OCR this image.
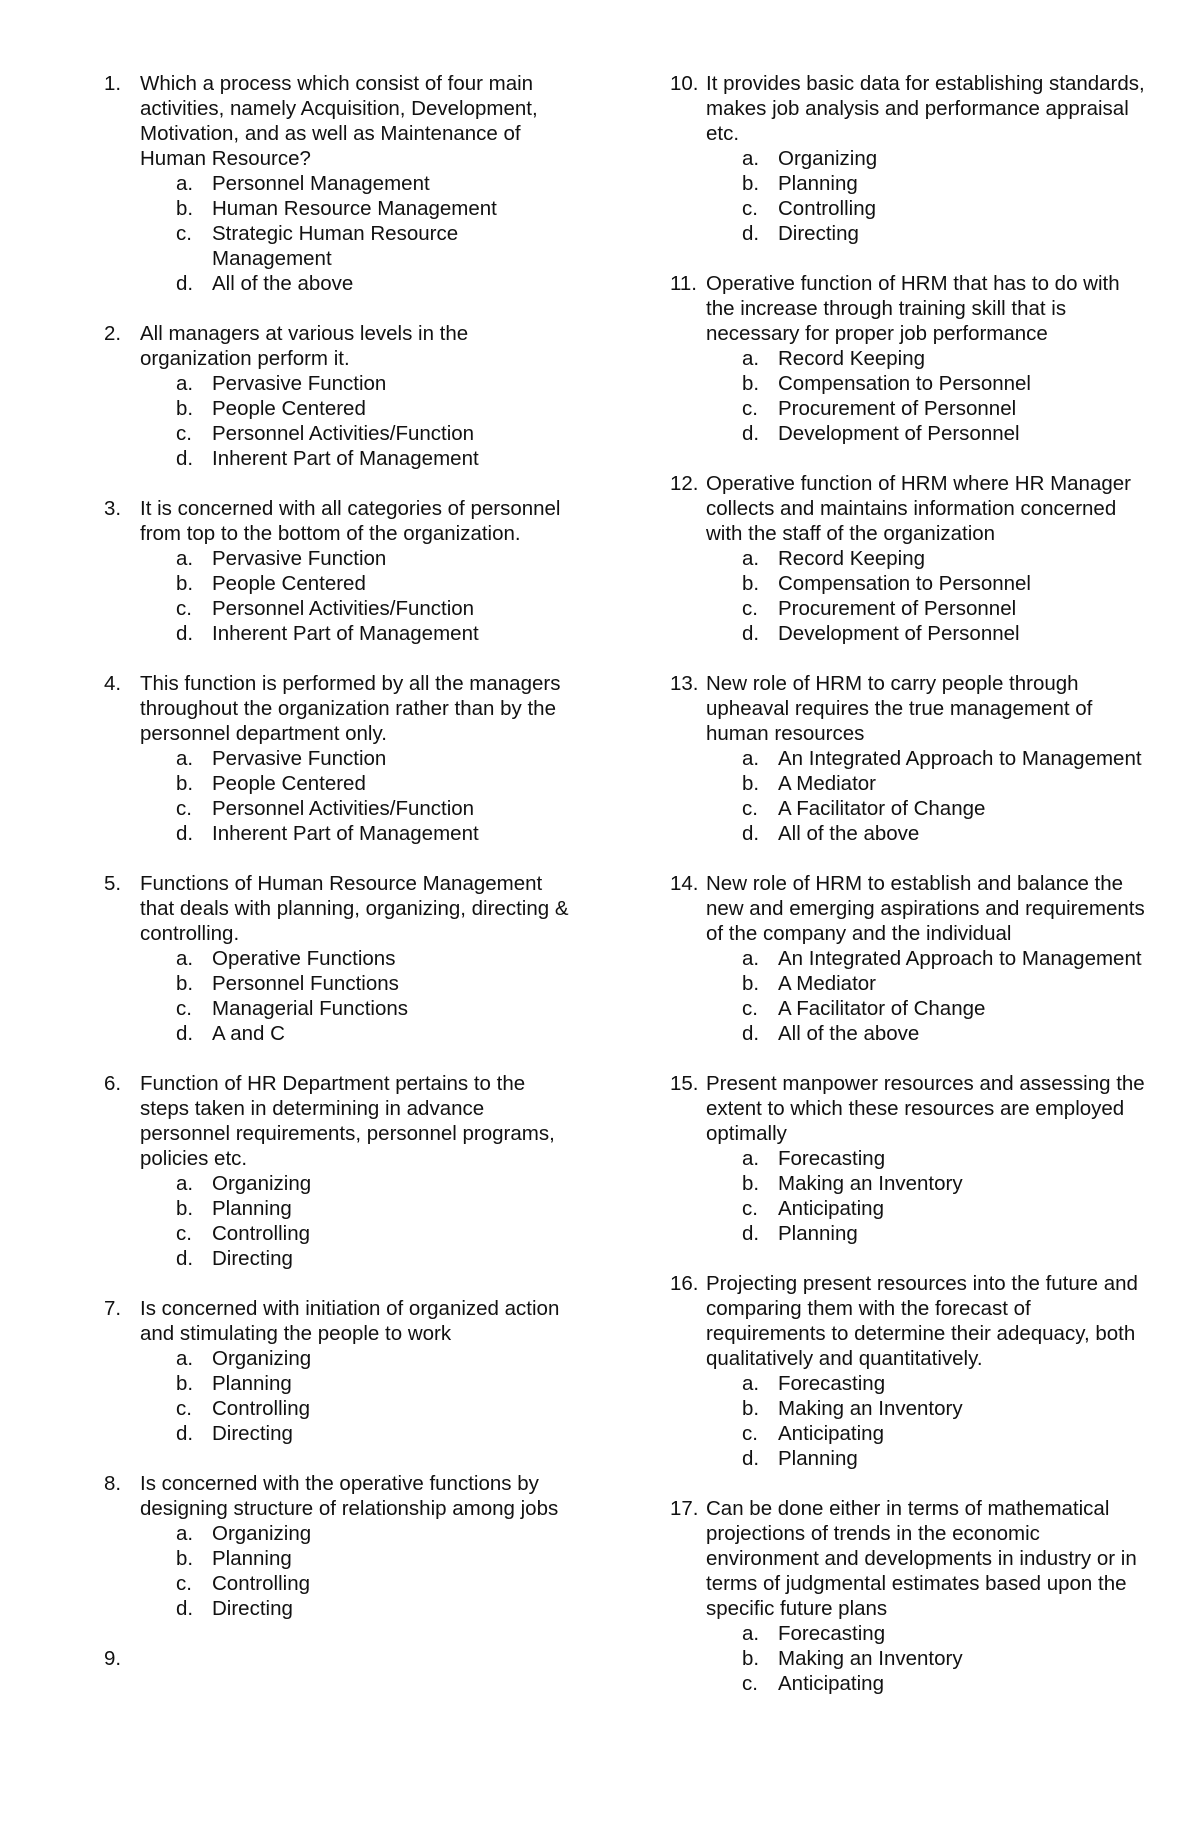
1. Which a process which consist of four main activities, namely Acquisition, Development, Motivation, and as well as Maintenance of Human Resource?
a. Personnel Management
b. Human Resource Management
c. Strategic Human Resource Management
d. All of the above
2. All managers at various levels in the organization perform it.
a. Pervasive Function
b. People Centered
c. Personnel Activities/Function
d. Inherent Part of Management
3. It is concerned with all categories of personnel from top to the bottom of the organization.
a. Pervasive Function
b. People Centered
c. Personnel Activities/Function
d. Inherent Part of Management
4. This function is performed by all the managers throughout the organization rather than by the personnel department only.
a. Pervasive Function
b. People Centered
c. Personnel Activities/Function
d. Inherent Part of Management
5. Functions of Human Resource Management that deals with planning, organizing, directing & controlling.
a. Operative Functions
b. Personnel Functions
c. Managerial Functions
d. A and C
6. Function of HR Department pertains to the steps taken in determining in advance personnel requirements, personnel programs, policies etc.
a. Organizing
b. Planning
c. Controlling
d. Directing
7. Is concerned with initiation of organized action and stimulating the people to work
a. Organizing
b. Planning
c. Controlling
d. Directing
8. Is concerned with the operative functions by designing structure of relationship among jobs
a. Organizing
b. Planning
c. Controlling
d. Directing
9.
10. It provides basic data for establishing standards, makes job analysis and performance appraisal etc.
a. Organizing
b. Planning
c. Controlling
d. Directing
11. Operative function of HRM that has to do with the increase through training skill that is necessary for proper job performance
a. Record Keeping
b. Compensation to Personnel
c. Procurement of Personnel
d. Development of Personnel
12. Operative function of HRM where HR Manager collects and maintains information concerned with the staff of the organization
a. Record Keeping
b. Compensation to Personnel
c. Procurement of Personnel
d. Development of Personnel
13. New role of HRM to carry people through upheaval requires the true management of human resources
a. An Integrated Approach to Management
b. A Mediator
c. A Facilitator of Change
d. All of the above
14. New role of HRM to establish and balance the new and emerging aspirations and requirements of the company and the individual
a. An Integrated Approach to Management
b. A Mediator
c. A Facilitator of Change
d. All of the above
15. Present manpower resources and assessing the extent to which these resources are employed optimally
a. Forecasting
b. Making an Inventory
c. Anticipating
d. Planning
16. Projecting present resources into the future and comparing them with the forecast of requirements to determine their adequacy, both qualitatively and quantitatively.
a. Forecasting
b. Making an Inventory
c. Anticipating
d. Planning
17. Can be done either in terms of mathematical projections of trends in the economic environment and developments in industry or in terms of judgmental estimates based upon the specific future plans
a. Forecasting
b. Making an Inventory
c. Anticipating
